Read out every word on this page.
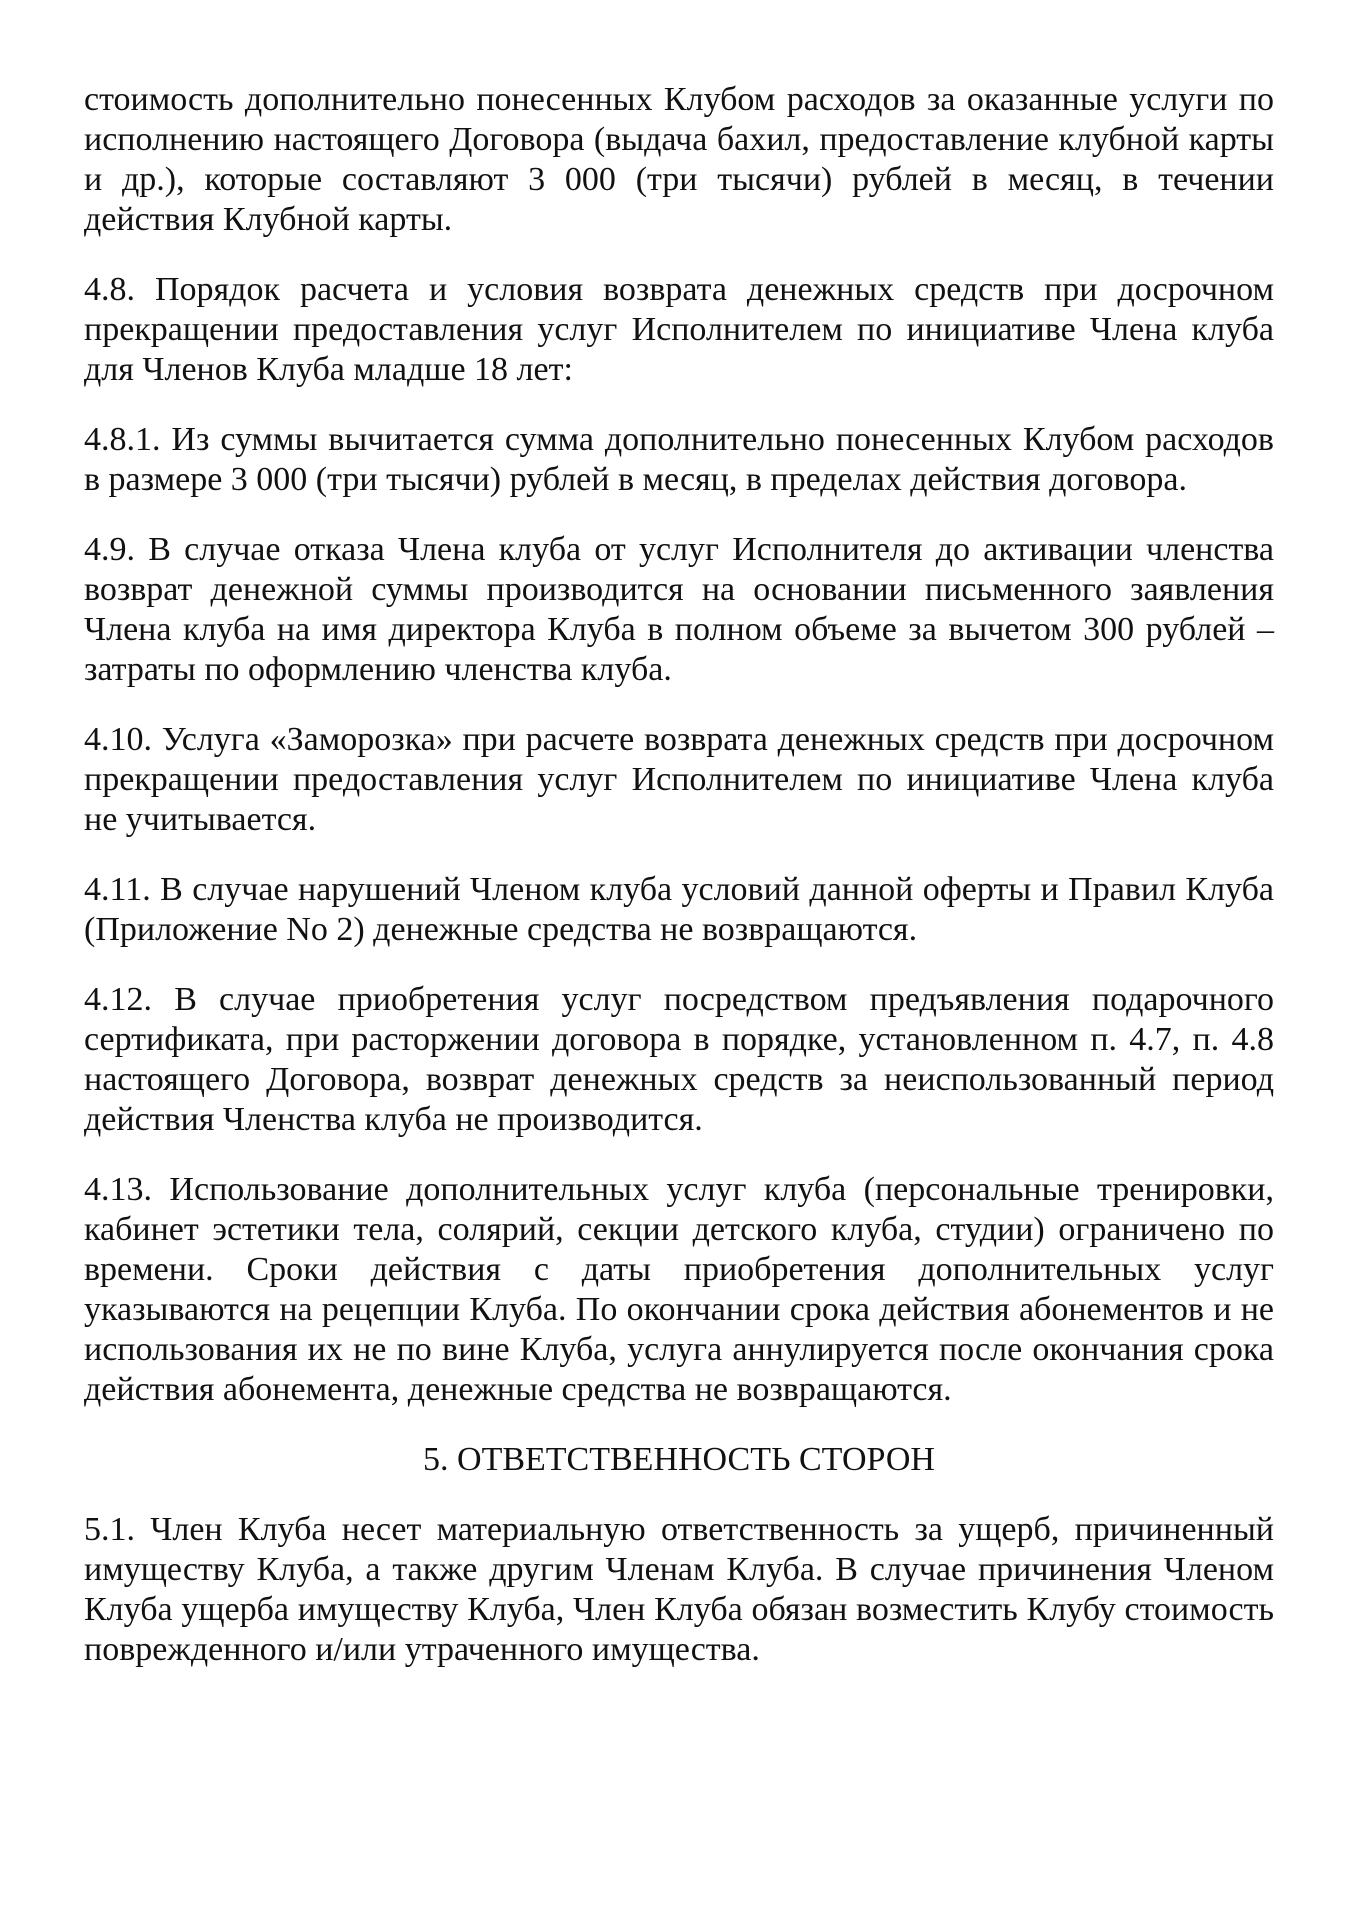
стоимость дополнительно понесенных Клубом расходов за оказанные услуги по исполнению настоящего Договора (выдача бахил, предоставление клубной карты и др.), которые составляют 3 000 (три тысячи) рублей в месяц, в течении действия Клубной карты.

4.8. Порядок расчета и условия возврата денежных средств при досрочном прекращении предоставления услуг Исполнителем по инициативе Члена клуба для Членов Клуба младше 18 лет:

4.8.1. Из суммы вычитается сумма дополнительно понесенных Клубом расходов в размере 3 000 (три тысячи) рублей в месяц, в пределах действия договора.

4.9. В случае отказа Члена клуба от услуг Исполнителя до активации членства возврат денежной суммы производится на основании письменного заявления Члена клуба на имя директора Клуба в полном объеме за вычетом 300 рублей – затраты по оформлению членства клуба.

4.10. Услуга «Заморозка» при расчете возврата денежных средств при досрочном прекращении предоставления услуг Исполнителем по инициативе Члена клуба не учитывается.

4.11. В случае нарушений Членом клуба условий данной оферты и Правил Клуба (Приложение No 2) денежные средства не возвращаются.

4.12. В случае приобретения услуг посредством предъявления подарочного сертификата, при расторжении договора в порядке, установленном п. 4.7, п. 4.8 настоящего Договора, возврат денежных средств за неиспользованный период действия Членства клуба не производится.

4.13. Использование дополнительных услуг клуба (персональные тренировки, кабинет эстетики тела, солярий, секции детского клуба, студии) ограничено по времени. Сроки действия с даты приобретения дополнительных услуг указываются на рецепции Клуба. По окончании срока действия абонементов и не использования их не по вине Клуба, услуга аннулируется после окончания срока действия абонемента, денежные средства не возвращаются.

5. ОТВЕТСТВЕННОСТЬ СТОРОН

5.1. Член Клуба несет материальную ответственность за ущерб, причиненный имуществу Клуба, а также другим Членам Клуба. В случае причинения Членом Клуба ущерба имуществу Клуба, Член Клуба обязан возместить Клубу стоимость поврежденного и/или утраченного имущества.
